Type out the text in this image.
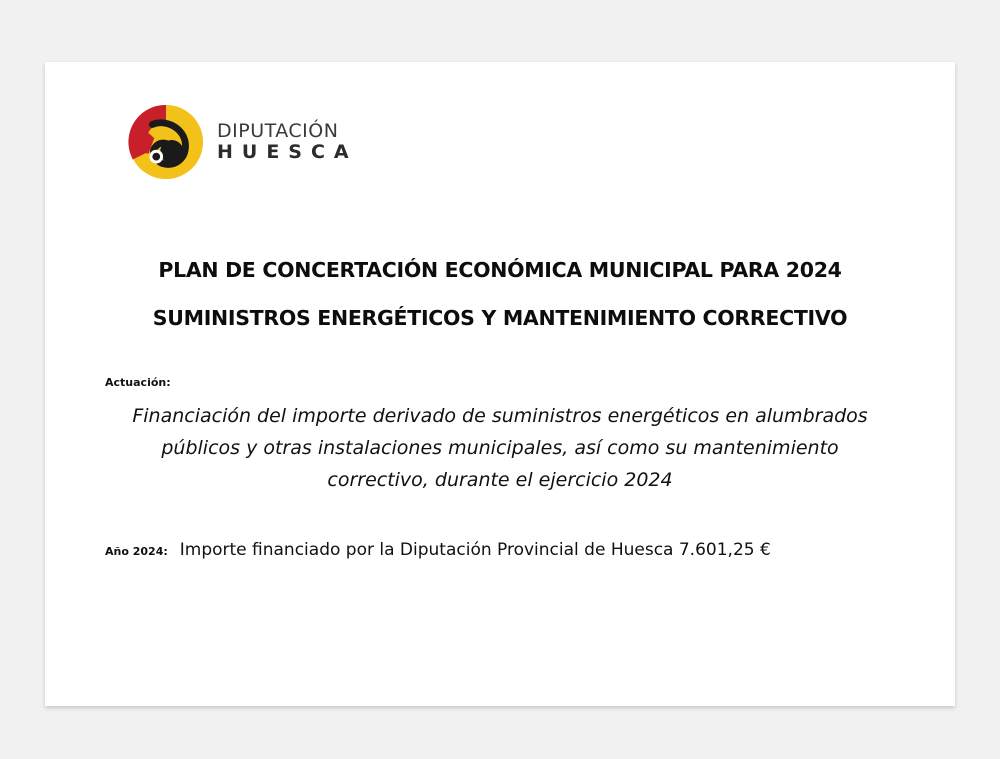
DIPUTACIÓN
HUESCA
PLAN DE CONCERTACIÓN ECONÓMICA MUNICIPAL PARA 2024
SUMINISTROS ENERGÉTICOS Y MANTENIMIENTO CORRECTIVO
Actuación:
Financiación del importe derivado de suministros energéticos en alumbrados
públicos y otras instalaciones municipales, así como su mantenimiento
correctivo, durante el ejercicio 2024
Año 2024: Importe financiado por la Diputación Provincial de Huesca 7.601,25 €
